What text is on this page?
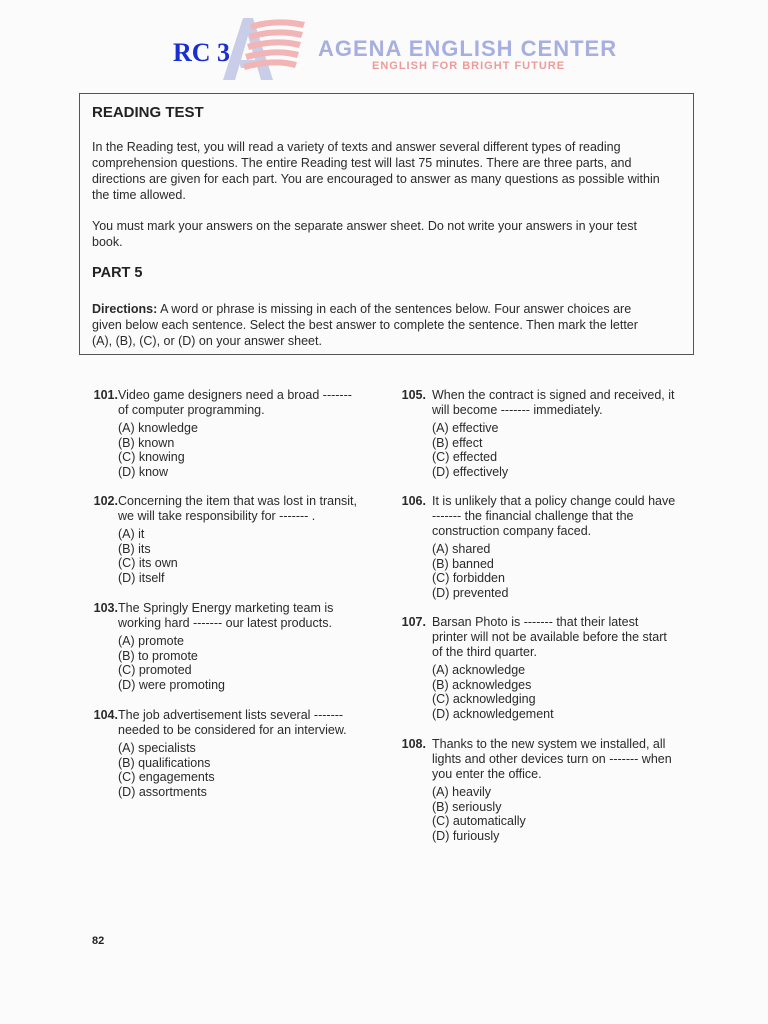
RC 3	AGENA ENGLISH CENTER
ENGLISH FOR BRIGHT FUTURE
READING TEST
In the Reading test, you will read a variety of texts and answer several different types of reading
comprehension questions. The entire Reading test will last 75 minutes. There are three parts, and
directions are given for each part. You are encouraged to answer as many questions as possible within
the time allowed.
You must mark your answers on the separate answer sheet. Do not write your answers in your test
book.
PART 5
Directions: A word or phrase is missing in each of the sentences below. Four answer choices are
given below each sentence. Select the best answer to complete the sentence. Then mark the letter
(A), (B), (C), or (D) on your answer sheet.
101. Video game designers need a broad -------
of computer programming.
(A) knowledge
(B) known
(C) knowing
(D) know
102. Concerning the item that was lost in transit,
we will take responsibility for ------- .
(A) it
(B) its
(C) its own
(D) itself
103. The Springly Energy marketing team is
working hard ------- our latest products.
(A) promote
(B) to promote
(C) promoted
(D) were promoting
104. The job advertisement lists several -------
needed to be considered for an interview.
(A) specialists
(B) qualifications
(C) engagements
(D) assortments
105. When the contract is signed and received, it
will become ------- immediately.
(A) effective
(B) effect
(C) effected
(D) effectively
106. It is unlikely that a policy change could have
------- the financial challenge that the
construction company faced.
(A) shared
(B) banned
(C) forbidden
(D) prevented
107. Barsan Photo is ------- that their latest
printer will not be available before the start
of the third quarter.
(A) acknowledge
(B) acknowledges
(C) acknowledging
(D) acknowledgement
108. Thanks to the new system we installed, all
lights and other devices turn on ------- when
you enter the office.
(A) heavily
(B) seriously
(C) automatically
(D) furiously
82
